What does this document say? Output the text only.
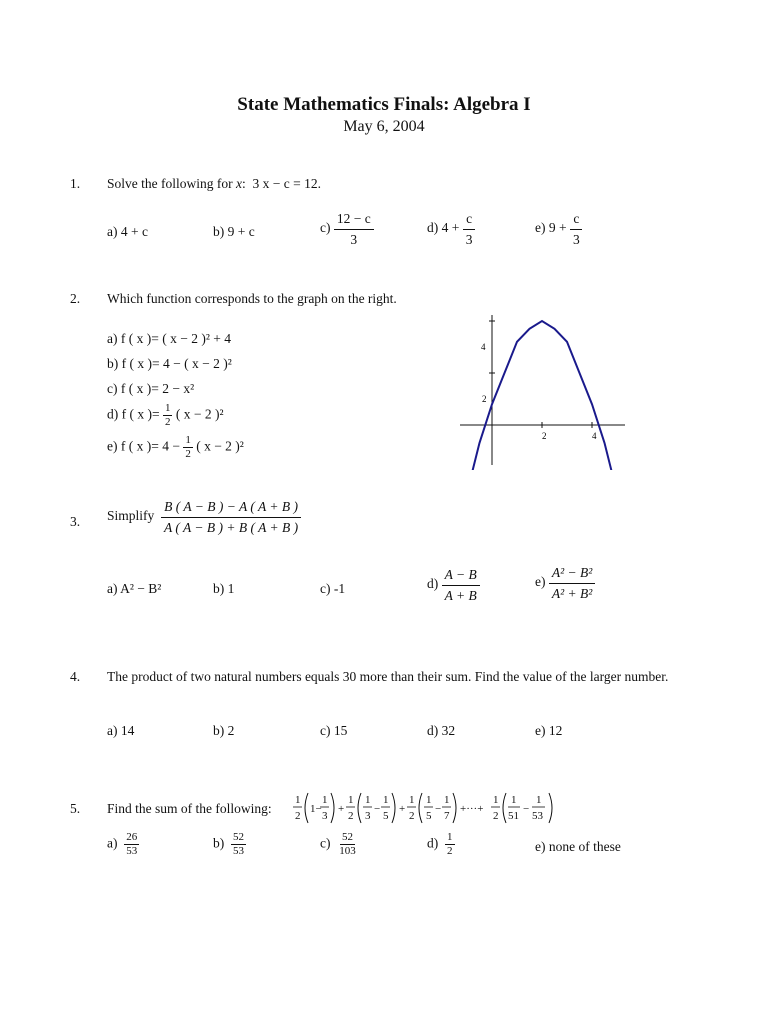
State Mathematics Finals: Algebra I
May 6, 2004
1. Solve the following for x:  3 x − c = 12.
a) 4 + c	b) 9 + c	$c) \frac{12 - c}{3}$	d) $4 + \frac{c}{3}$	e) $9 + \frac{c}{3}$
2. Which function corresponds to the graph on the right.
a) f ( x )= ( x − 2 )² + 4
b) f ( x )= 4 − ( x − 2 )²
c) f ( x )= 2 − x²
d) f ( x )= $\frac{1}{2}$ ( x − 2 )²
e) f ( x )= $4 - \frac{1}{2}$ ( x − 2 )²
4
2
2	4
3. Simplify $\frac{B ( A - B ) - A ( A + B )}{A ( A - B ) + B ( A + B )}$
a) A² − B²	b) 1	c) -1	$d) \frac{A - B}{A + B}$	$e) \frac{\text{A² − B²}}{\text{A² + B²}}$
4. The product of two natural numbers equals 30 more than their sum. Find the value of the larger number.
a) 14	b) 2	c) 15	d) 32	e) 12
5. Find the sum of the following:
1
2
1−
1
3
+
1
2
1
3
−
1
5
+
1
2
1
5
−
1
7
+···+
1
2
1
51
−
1
53
$a) \frac{26}{53}$	$b) \frac{52}{53}$	$c) \frac{52}{103}$	$d) \frac{1}{2}$	e) none of these
